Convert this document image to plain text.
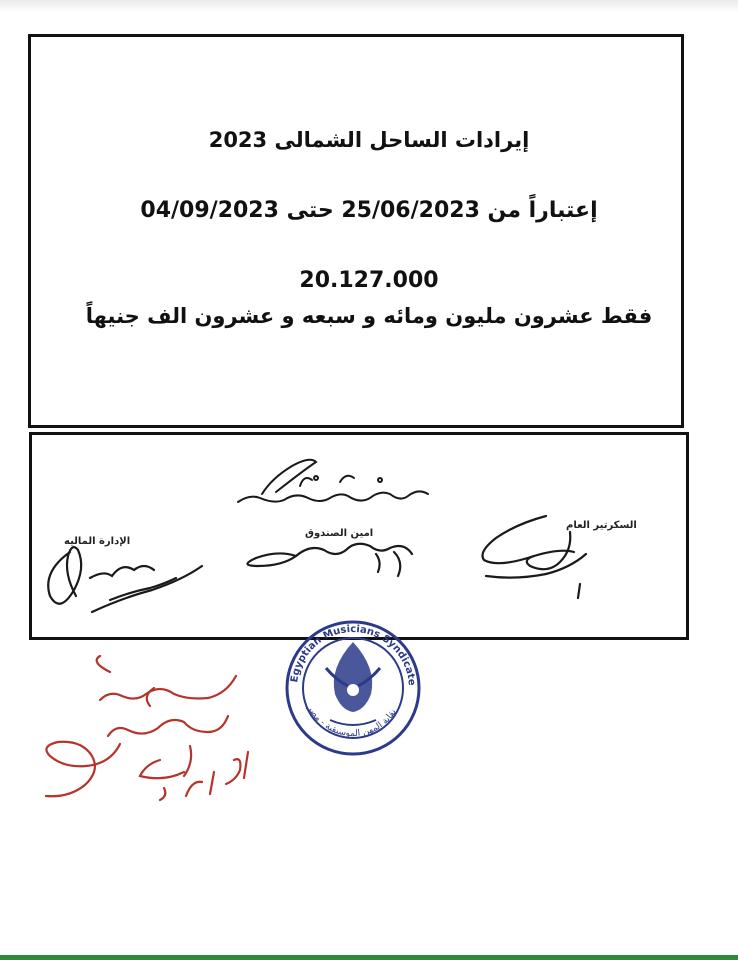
إيرادات الساحل الشمالى 2023

إعتباراً من 25/06/2023 حتى 04/09/2023

20.127.000

فقط عشرون مليون ومائه و سبعه و عشرون الف جنيهاً

الإدارة الماليه
امين الصندوق
السكرتير العام
Egyptian Musicians Syndicate
نقابة المهن الموسيقية - مصر
